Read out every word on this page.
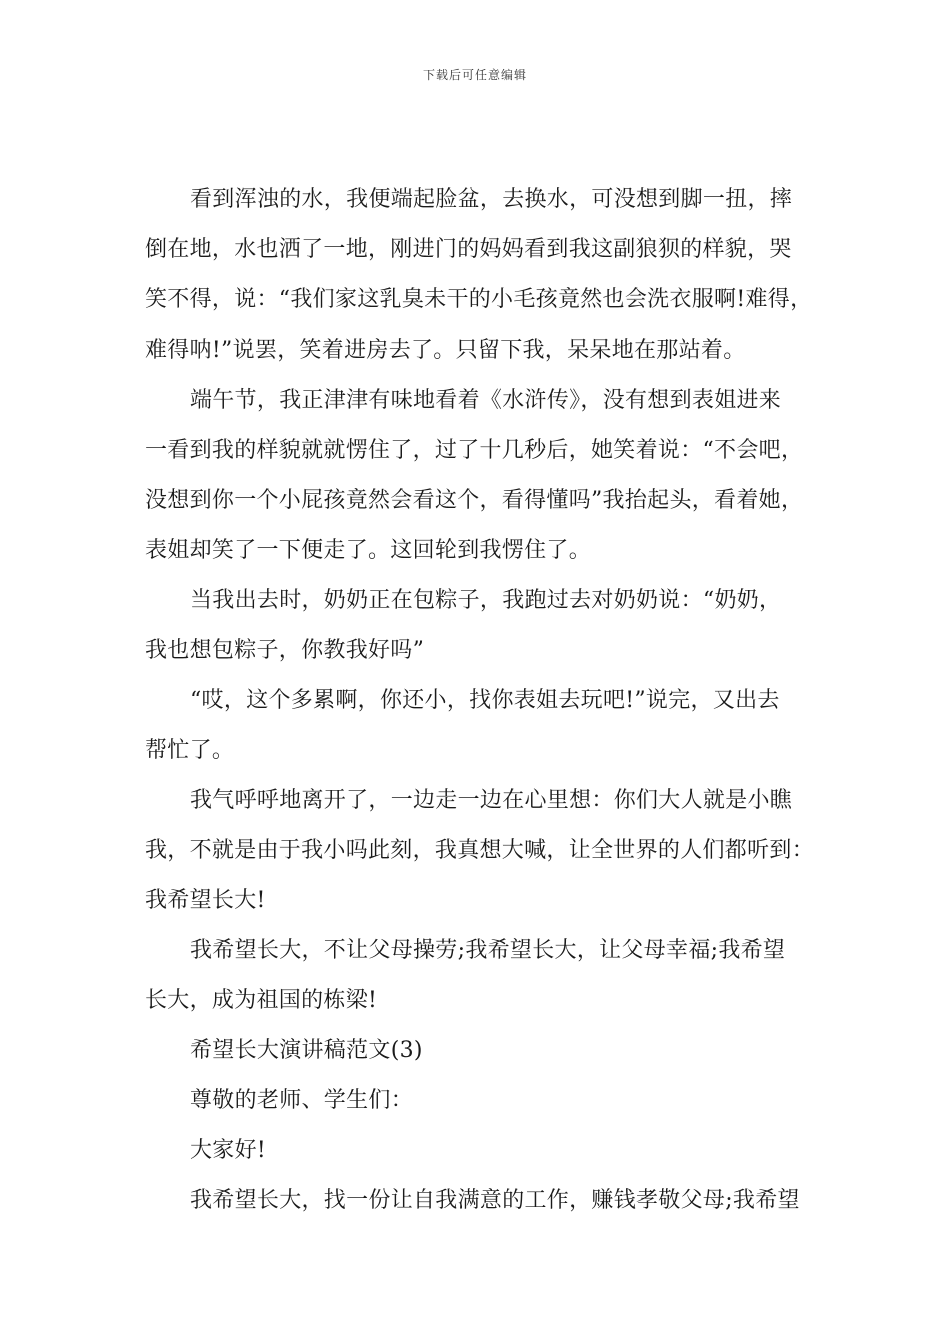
下载后可任意编辑
看到浑浊的水，我便端起脸盆，去换水，可没想到脚一扭，摔
倒在地，水也洒了一地，刚进门的妈妈看到我这副狼狈的样貌，哭
笑不得，说：“我们家这乳臭未干的小毛孩竟然也会洗衣服啊!难得，
难得呐!”说罢，笑着进房去了。只留下我，呆呆地在那站着。
端午节，我正津津有味地看着《水浒传》，没有想到表姐进来
一看到我的样貌就就愣住了，过了十几秒后，她笑着说：“不会吧，
没想到你一个小屁孩竟然会看这个，看得懂吗”我抬起头，看着她，
表姐却笑了一下便走了。这回轮到我愣住了。
当我出去时，奶奶正在包粽子，我跑过去对奶奶说：“奶奶，
我也想包粽子，你教我好吗”
“哎，这个多累啊，你还小，找你表姐去玩吧!”说完，又出去
帮忙了。
我气呼呼地离开了，一边走一边在心里想：你们大人就是小瞧
我，不就是由于我小吗此刻，我真想大喊，让全世界的人们都听到：
我希望长大!
我希望长大，不让父母操劳;我希望长大，让父母幸福;我希望
长大，成为祖国的栋梁!
希望长大演讲稿范文(3)
尊敬的老师、学生们：
大家好!
我希望长大，找一份让自我满意的工作，赚钱孝敬父母;我希望
